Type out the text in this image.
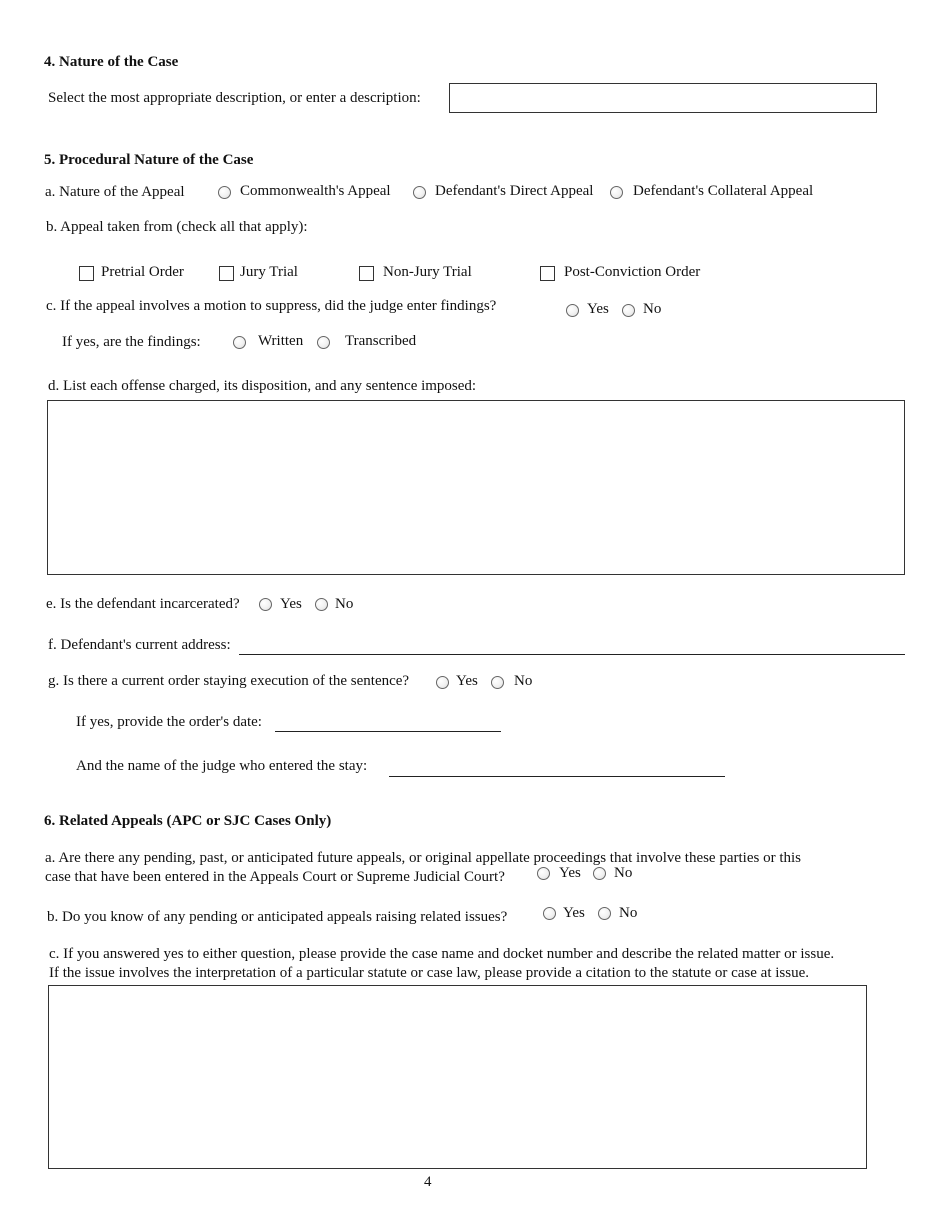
4. Nature of the Case
Select the most appropriate description, or enter a description:
5. Procedural Nature of the Case
a. Nature of the Appeal	Commonwealth's Appeal	Defendant's Direct Appeal	Defendant's Collateral Appeal
b. Appeal taken from (check all that apply):
Pretrial Order	Jury Trial	Non-Jury Trial	Post-Conviction Order
c. If the appeal involves a motion to suppress, did the judge enter findings?	Yes No
If yes, are the findings:	Written	Transcribed
d. List each offense charged, its disposition, and any sentence imposed:
e. Is the defendant incarcerated?	Yes No
f. Defendant's current address:
g. Is there a current order staying execution of the sentence?	Yes No
If yes, provide the order's date:
And the name of the judge who entered the stay:
6. Related Appeals (APC or SJC Cases Only)
a. Are there any pending, past, or anticipated future appeals, or original appellate proceedings that involve these parties or this
case that have been entered in the Appeals Court or Supreme Judicial Court?	Yes No
b. Do you know of any pending or anticipated appeals raising related issues?	Yes No
c. If you answered yes to either question, please provide the case name and docket number and describe the related matter or issue.
If the issue involves the interpretation of a particular statute or case law, please provide a citation to the statute or case at issue.
4
